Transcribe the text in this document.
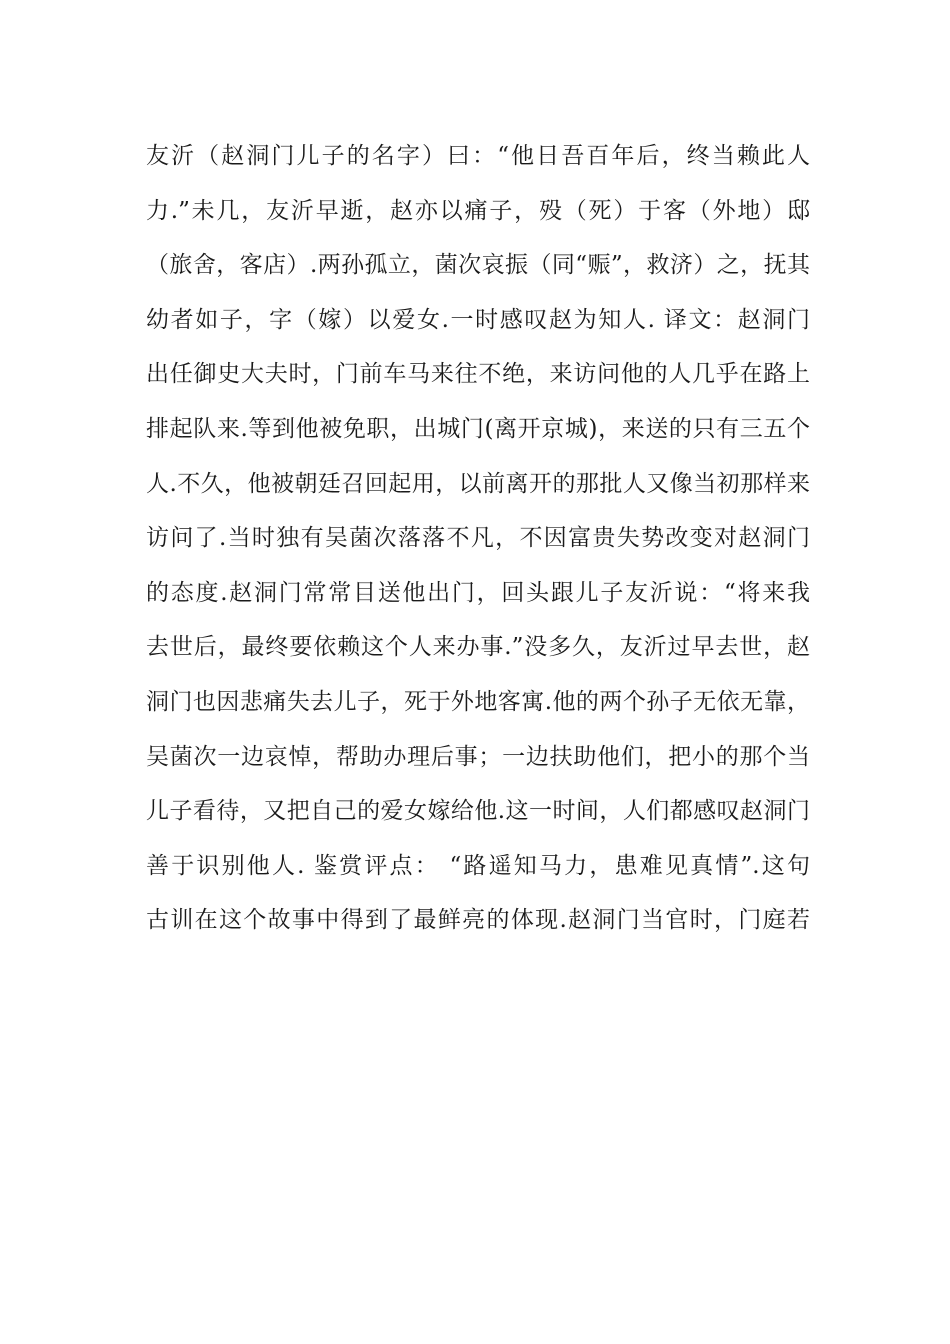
友沂（赵洞门儿子的名字）曰：“他日吾百年后，终当赖此人
力.”未几，友沂早逝，赵亦以痛子，殁（死）于客（外地）邸
（旅舍，客店）.两孙孤立，菌次哀振（同“赈”，救济）之，抚其
幼者如子，字（嫁）以爱女.一时感叹赵为知人. 译文：赵洞门
出任御史大夫时，门前车马来往不绝，来访问他的人几乎在路上
排起队来.等到他被免职，出城门(离开京城)，来送的只有三五个
人.不久，他被朝廷召回起用，以前离开的那批人又像当初那样来
访问了.当时独有吴菌次落落不凡，不因富贵失势改变对赵洞门
的态度.赵洞门常常目送他出门，回头跟儿子友沂说：“将来我
去世后，最终要依赖这个人来办事.”没多久，友沂过早去世，赵
洞门也因悲痛失去儿子，死于外地客寓.他的两个孙子无依无靠，
吴菌次一边哀悼，帮助办理后事；一边扶助他们，把小的那个当
儿子看待，又把自己的爱女嫁给他.这一时间，人们都感叹赵洞门
善于识别他人. 鉴赏评点： “路遥知马力，患难见真情”.这句
古训在这个故事中得到了最鲜亮的体现.赵洞门当官时，门庭若
